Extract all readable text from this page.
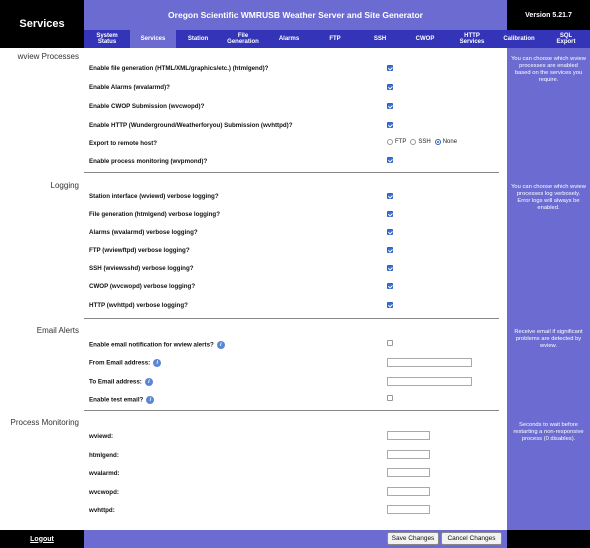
Services
Oregon Scientific WMRUSB Weather Server and Site Generator	Version 5.21.7
System
Status
Services	Station
File
Generation
Alarms	FTP	SSH	CWOP
HTTP
Services
Calibration
SQL
Export
wview Processes
Logging
Email Alerts
Process Monitoring
You can choose which wview processes are enabled based on the services you require.
You can choose which wview processes log verbosely. Error logs will always be enabled.
Receive email if significant problems are detected by wview.
Seconds to wait before restarting a non-responsive process (0 disables).
Enable file generation (HTML/XML/graphics/etc.) (htmlgend)?
Enable Alarms (wvalarmd)?
Enable CWOP Submission (wvcwopd)?
Enable HTTP (Wunderground/Weatherforyou) Submission (wvhttpd)?
Export to remote host?	FTP SSH None
Enable process monitoring (wvpmond)?
Station interface (wviewd) verbose logging?
File generation (htmlgend) verbose logging?
Alarms (wvalarmd) verbose logging?
FTP (wviewftpd) verbose logging?
SSH (wviewsshd) verbose logging?
CWOP (wvcwopd) verbose logging?
HTTP (wvhttpd) verbose logging?
Enable email notification for wview alerts? i
From Email address: i
To Email address: i
Enable test email? i
wviewd:
htmlgend:
wvalarmd:
wvcwopd:
wvhttpd:
Logout	Save Changes	Cancel Changes
